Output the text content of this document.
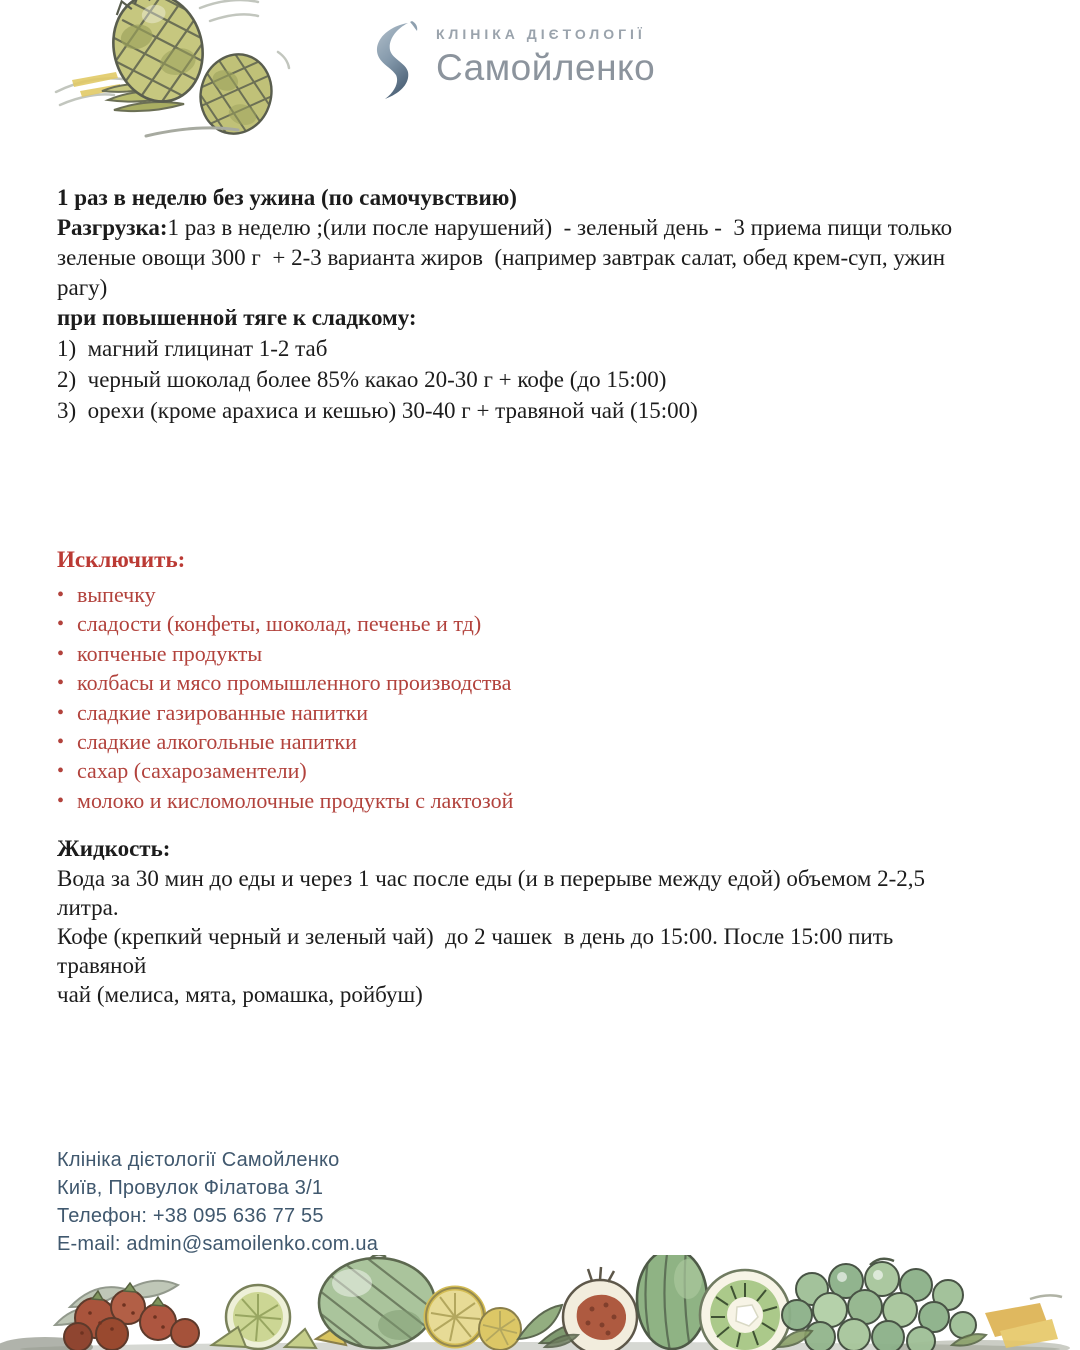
КЛІНІКА ДІЄТОЛОГІЇ
Самойленко

1 раз в неделю без ужина (по самочувствию)

Разгрузка:1 раз в неделю ;(или после нарушений)  - зеленый день -  3 приема пищи только

зеленые овощи 300 г  + 2-3 варианта жиров  (например завтрак салат, обед крем-суп, ужин

рагу)

при повышенной тяге к сладкому:

1)  магний глицинат 1-2 таб

2)  черный шоколад более 85% какао 20-30 г + кофе (до 15:00)

3)  орехи (кроме арахиса и кешью) 30-40 г + травяной чай (15:00)

Исключить:

• выпечку
• сладости (конфеты, шоколад, печенье и тд)
• копченые продукты
• колбасы и мясо промышленного производства
• сладкие газированные напитки
• сладкие алкогольные напитки
• сахар (сахарозаментели)
• молоко и кисломолочные продукты с лактозой

Жидкость:

Вода за 30 мин до еды и через 1 час после еды (и в перерыве между едой) объемом 2-2,5

литра.

Кофе (крепкий черный и зеленый чай)  до 2 чашек  в день до 15:00. После 15:00 пить травяной

чай (мелиса, мята, ромашка, ройбуш)

Клініка дієтології Самойленко
Київ, Провулок Філатова 3/1
Телефон: +38 095 636 77 55
E-mail: admin@samoilenko.com.ua
